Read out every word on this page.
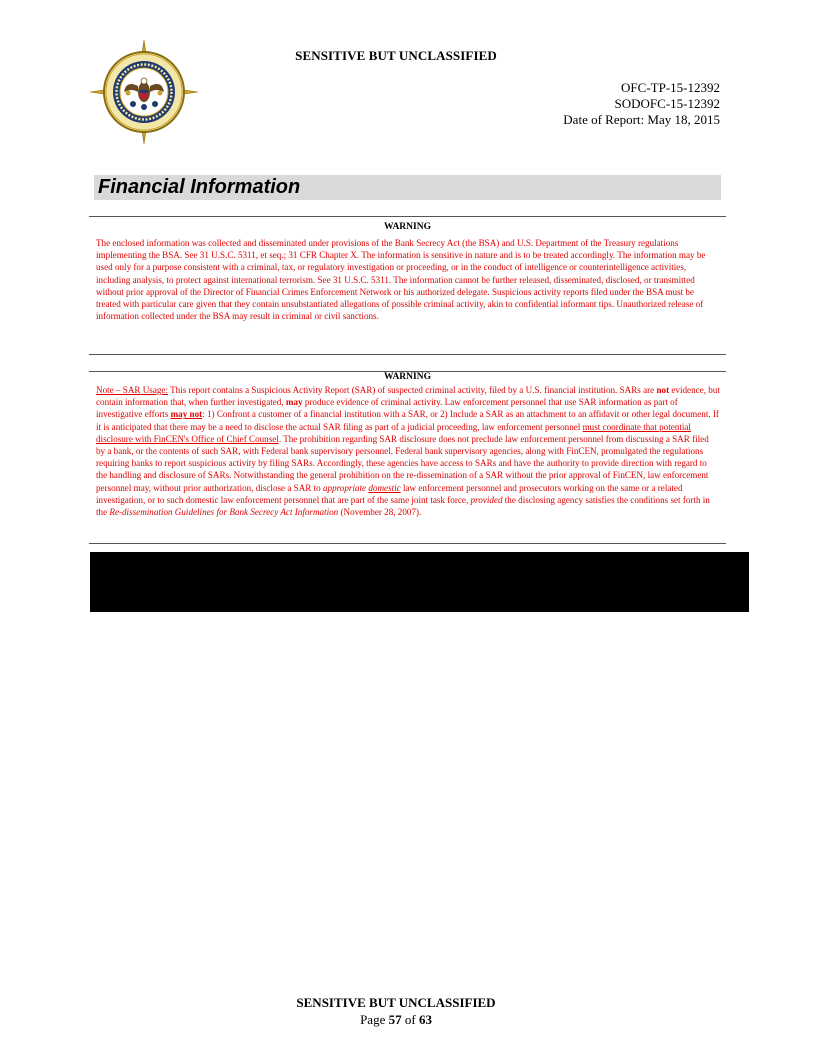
SENSITIVE BUT UNCLASSIFIED
OFC-TP-15-12392
SODOFC-15-12392
Date of Report: May 18, 2015
Financial Information
WARNING
The enclosed information was collected and disseminated under provisions of the Bank Secrecy Act (the BSA) and U.S. Department of the Treasury regulations implementing the BSA. See 31 U.S.C. 5311, et seq.; 31 CFR Chapter X. The information is sensitive in nature and is to be treated accordingly. The information may be used only for a purpose consistent with a criminal, tax, or regulatory investigation or proceeding, or in the conduct of intelligence or counterintelligence activities, including analysis, to protect against international terrorism. See 31 U.S.C. 5311. The information cannot be further released, disseminated, disclosed, or transmitted without prior approval of the Director of Financial Crimes Enforcement Network or his authorized delegate. Suspicious activity reports filed under the BSA must be treated with particular care given that they contain unsubstantiated allegations of possible criminal activity, akin to confidential informant tips. Unauthorized release of information collected under the BSA may result in criminal or civil sanctions.
WARNING
Note – SAR Usage: This report contains a Suspicious Activity Report (SAR) of suspected criminal activity, filed by a U.S. financial institution. SARs are not evidence, but contain information that, when further investigated, may produce evidence of criminal activity. Law enforcement personnel that use SAR information as part of investigative efforts may not: 1) Confront a customer of a financial institution with a SAR, or 2) Include a SAR as an attachment to an affidavit or other legal document. If it is anticipated that there may be a need to disclose the actual SAR filing as part of a judicial proceeding, law enforcement personnel must coordinate that potential disclosure with FinCEN's Office of Chief Counsel. The prohibition regarding SAR disclosure does not preclude law enforcement personnel from discussing a SAR filed by a bank, or the contents of such SAR, with Federal bank supervisory personnel. Federal bank supervisory agencies, along with FinCEN, promulgated the regulations requiring banks to report suspicious activity by filing SARs. Accordingly, these agencies have access to SARs and have the authority to provide direction with regard to the handling and disclosure of SARs. Notwithstanding the general prohibition on the re-dissemination of a SAR without the prior approval of FinCEN, law enforcement personnel may, without prior authorization, disclose a SAR to appropriate domestic law enforcement personnel and prosecutors working on the same or a related investigation, or to such domestic law enforcement personnel that are part of the same joint task force, provided the disclosing agency satisfies the conditions set forth in the Re-dissemination Guidelines for Bank Secrecy Act Information (November 28, 2007).
SENSITIVE BUT UNCLASSIFIED
Page 57 of 63
